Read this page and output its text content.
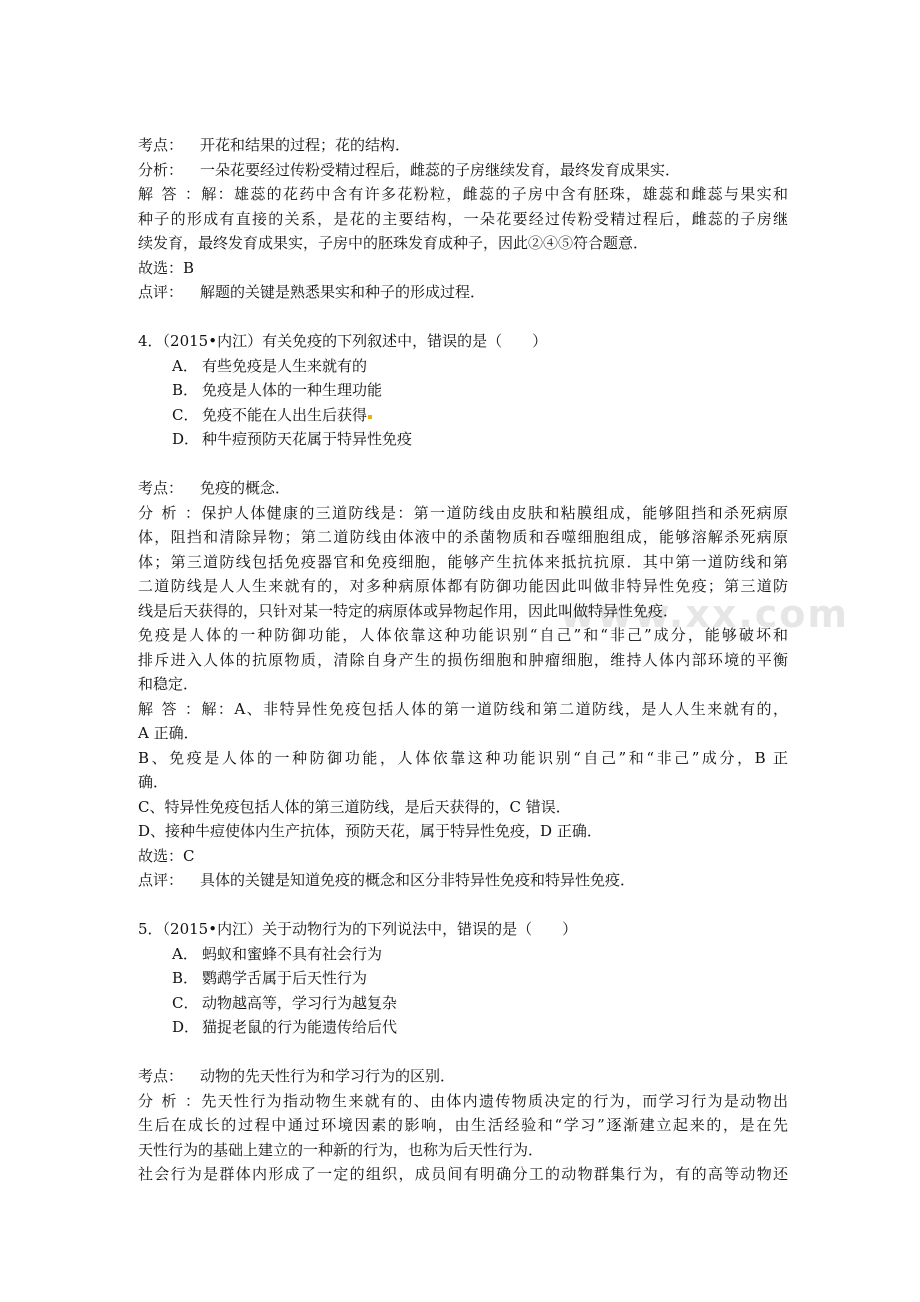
www.xx.com
考点： 开花和结果的过程；花的结构．
分析： 一朵花要经过传粉受精过程后，雌蕊的子房继续发育，最终发育成果实．
解答：解：雄蕊的花药中含有许多花粉粒，雌蕊的子房中含有胚珠，雄蕊和雌蕊与果实和
种子的形成有直接的关系，是花的主要结构，一朵花要经过传粉受精过程后，雌蕊的子房继
续发育，最终发育成果实，子房中的胚珠发育成种子，因此②④⑤符合题意．
故选：B
点评： 解题的关键是熟悉果实和种子的形成过程．
4．（2015•内江）有关免疫的下列叙述中，错误的是（　　）
A． 有些免疫是人生来就有的
B． 免疫是人体的一种生理功能
C． 免疫不能在人出生后获得
D． 种牛痘预防天花属于特异性免疫
考点： 免疫的概念．
分析：保护人体健康的三道防线是：第一道防线由皮肤和粘膜组成，能够阻挡和杀死病原
体，阻挡和清除异物；第二道防线由体液中的杀菌物质和吞噬细胞组成，能够溶解杀死病原
体；第三道防线包括免疫器官和免疫细胞，能够产生抗体来抵抗抗原．其中第一道防线和第
二道防线是人人生来就有的，对多种病原体都有防御功能因此叫做非特异性免疫；第三道防
线是后天获得的，只针对某一特定的病原体或异物起作用，因此叫做特异性免疫．
免疫是人体的一种防御功能，人体依靠这种功能识别“自己”和“非己”成分，能够破坏和
排斥进入人体的抗原物质，清除自身产生的损伤细胞和肿瘤细胞，维持人体内部环境的平衡
和稳定．
解答：解：A、非特异性免疫包括人体的第一道防线和第二道防线，是人人生来就有的，
A 正确．
B、免疫是人体的一种防御功能，人体依靠这种功能识别“自己”和“非己”成分，B 正
确．
C、特异性免疫包括人体的第三道防线，是后天获得的，C 错误．
D、接种牛痘使体内生产抗体，预防天花，属于特异性免疫，D 正确．
故选：C
点评： 具体的关键是知道免疫的概念和区分非特异性免疫和特异性免疫．
5．（2015•内江）关于动物行为的下列说法中，错误的是（　　）
A． 蚂蚁和蜜蜂不具有社会行为
B． 鹦鹉学舌属于后天性行为
C． 动物越高等，学习行为越复杂
D． 猫捉老鼠的行为能遗传给后代
考点： 动物的先天性行为和学习行为的区别．
分析：先天性行为指动物生来就有的、由体内遗传物质决定的行为，而学习行为是动物出
生后在成长的过程中通过环境因素的影响，由生活经验和“学习”逐渐建立起来的，是在先
天性行为的基础上建立的一种新的行为，也称为后天性行为．
社会行为是群体内形成了一定的组织，成员间有明确分工的动物群集行为，有的高等动物还
